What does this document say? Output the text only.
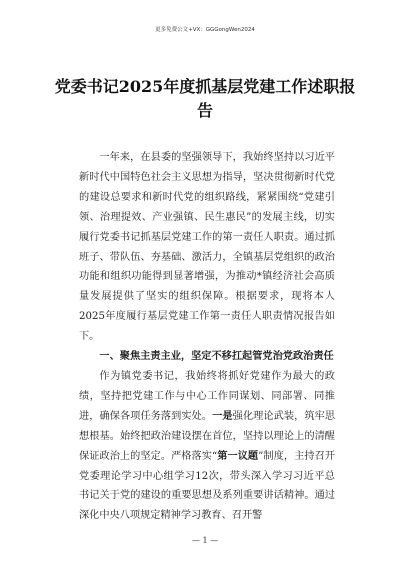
更多免费公文+VX：GGGongWen2024
党委书记2025年度抓基层党建工作述职报告

一年来，在县委的坚强领导下，我始终坚持以习近平新时代中国特色社会主义思想为指导，坚决贯彻新时代党的建设总要求和新时代党的组织路线，紧紧围绕“党建引领、治理提效、产业强镇、民生惠民”的发展主线，切实履行党委书记抓基层党建工作的第一责任人职责。通过抓班子、带队伍、夯基础、激活力，全镇基层党组织的政治功能和组织功能得到显著增强，为推动*镇经济社会高质量发展提供了坚实的组织保障。根据要求，现将本人2025年度履行基层党建工作第一责任人职责情况报告如下。

一、聚焦主责主业，坚定不移扛起管党治党政治责任

作为镇党委书记，我始终将抓好党建作为最大的政绩，坚持把党建工作与中心工作同谋划、同部署、同推进，确保各项任务落到实处。一是强化理论武装，筑牢思想根基。始终把政治建设摆在首位，坚持以理论上的清醒保证政治上的坚定。严格落实“第一议题”制度，主持召开党委理论学习中心组学习12次，带头深入学习习近平总书记关于党的建设的重要思想及系列重要讲话精神。通过深化中央八项规定精神学习教育、召开警

— 1 —
